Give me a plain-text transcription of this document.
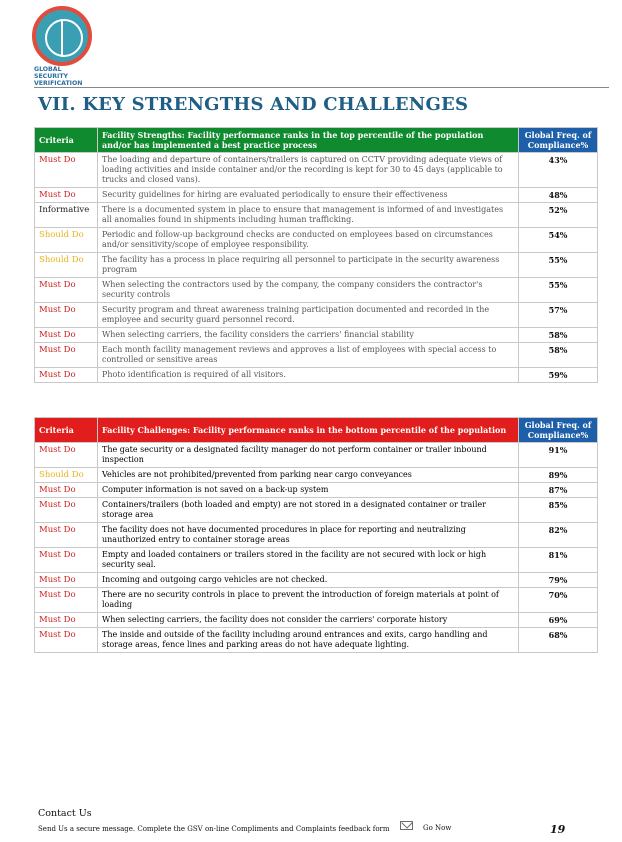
GLOBAL
SECURITY
VERIFICATION
VII. KEY STRENGTHS AND CHALLENGES
Criteria	Facility Strengths: Facility performance ranks in the top percentile of the population and/or has implemented a best practice process	Global Freq. of Compliance%
Must Do	The loading and departure of containers/trailers is captured on CCTV providing adequate views of loading activities and inside container and/or the recording is kept for 30 to 45 days (applicable to trucks and closed vans).	43%
Must Do	Security guidelines for hiring are evaluated periodically to ensure their effectiveness	48%
Informative	There is a documented system in place to ensure that management is informed of and investigates all anomalies found in shipments including human trafficking.	52%
Should Do	Periodic and follow-up background checks are conducted on employees based on circumstances and/or sensitivity/scope of employee responsibility.	54%
Should Do	The facility has a process in place requiring all personnel to participate in the security awareness program	55%
Must Do	When selecting the contractors used by the company, the company considers the contractor's security controls	55%
Must Do	Security program and threat awareness training participation documented and recorded in the employee and security guard personnel record.	57%
Must Do	When selecting carriers, the facility considers the carriers' financial stability	58%
Must Do	Each month facility management reviews and approves a list of employees with special access to controlled or sensitive areas	58%
Must Do	Photo identification is required of all visitors.	59%
Criteria	Facility Challenges: Facility performance ranks in the bottom percentile of the population	Global Freq. of Compliance%
Must Do	The gate security or a designated facility manager do not perform container or trailer inbound inspection	91%
Should Do	Vehicles are not prohibited/prevented from parking near cargo conveyances	89%
Must Do	Computer information is not saved on a back-up system	87%
Must Do	Containers/trailers (both loaded and empty) are not stored in a designated container or trailer storage area	85%
Must Do	The facility does not have documented procedures in place for reporting and neutralizing unauthorized entry to container storage areas	82%
Must Do	Empty and loaded containers or trailers stored in the facility are not secured with lock or high security seal.	81%
Must Do	Incoming and outgoing cargo vehicles are not checked.	79%
Must Do	There are no security controls in place to prevent the introduction of foreign materials at point of loading	70%
Must Do	When selecting carriers, the facility does not consider the carriers' corporate history	69%
Must Do	The inside and outside of the facility including around entrances and exits, cargo handling and storage areas, fence lines and parking areas do not have adequate lighting.	68%
Contact Us
Send Us a secure message. Complete the GSV on-line Compliments and Complaints feedback form	Go Now	19
